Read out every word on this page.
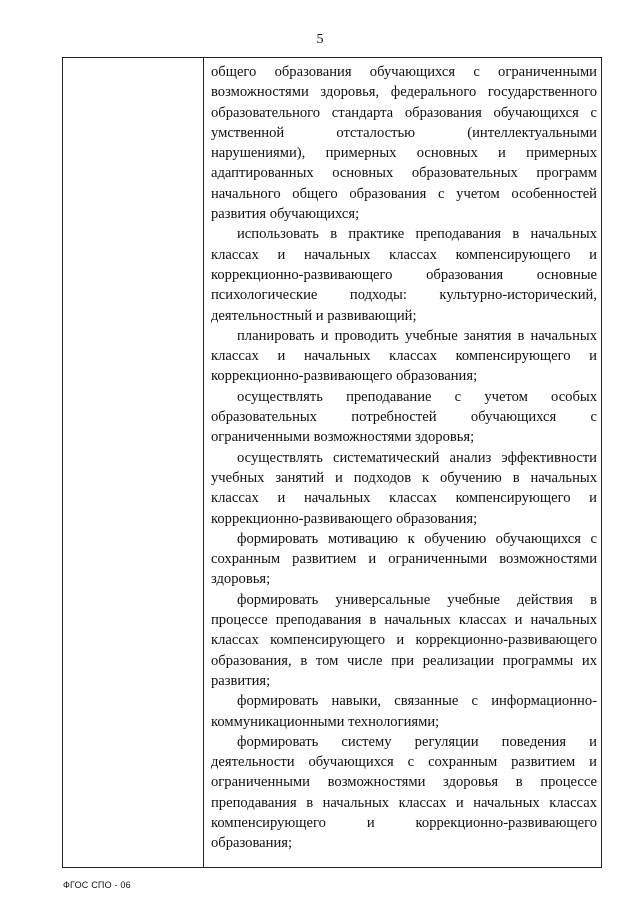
5

общего образования обучающихся с ограниченными возможностями здоровья, федерального государственного образовательного стандарта образования обучающихся с умственной отсталостью (интеллектуальными нарушениями), примерных основных и примерных адаптированных основных образовательных программ начального общего образования с учетом особенностей развития обучающихся;

использовать в практике преподавания в начальных классах и начальных классах компенсирующего и коррекционно-развивающего образования основные психологические подходы: культурно-исторический, деятельностный и развивающий;

планировать и проводить учебные занятия в начальных классах и начальных классах компенсирующего и коррекционно-развивающего образования;

осуществлять преподавание с учетом особых образовательных потребностей обучающихся с ограниченными возможностями здоровья;

осуществлять систематический анализ эффективности учебных занятий и подходов к обучению в начальных классах и начальных классах компенсирующего и коррекционно-развивающего образования;

формировать мотивацию к обучению обучающихся с сохранным развитием и ограниченными возможностями здоровья;

формировать универсальные учебные действия в процессе преподавания в начальных классах и начальных классах компенсирующего и коррекционно-развивающего образования, в том числе при реализации программы их развития;

формировать навыки, связанные с информационно-коммуникационными технологиями;

формировать систему регуляции поведения и деятельности обучающихся с сохранным развитием и ограниченными возможностями здоровья в процессе преподавания в начальных классах и начальных классах компенсирующего и коррекционно-развивающего образования;

ФГОС СПО - 06
